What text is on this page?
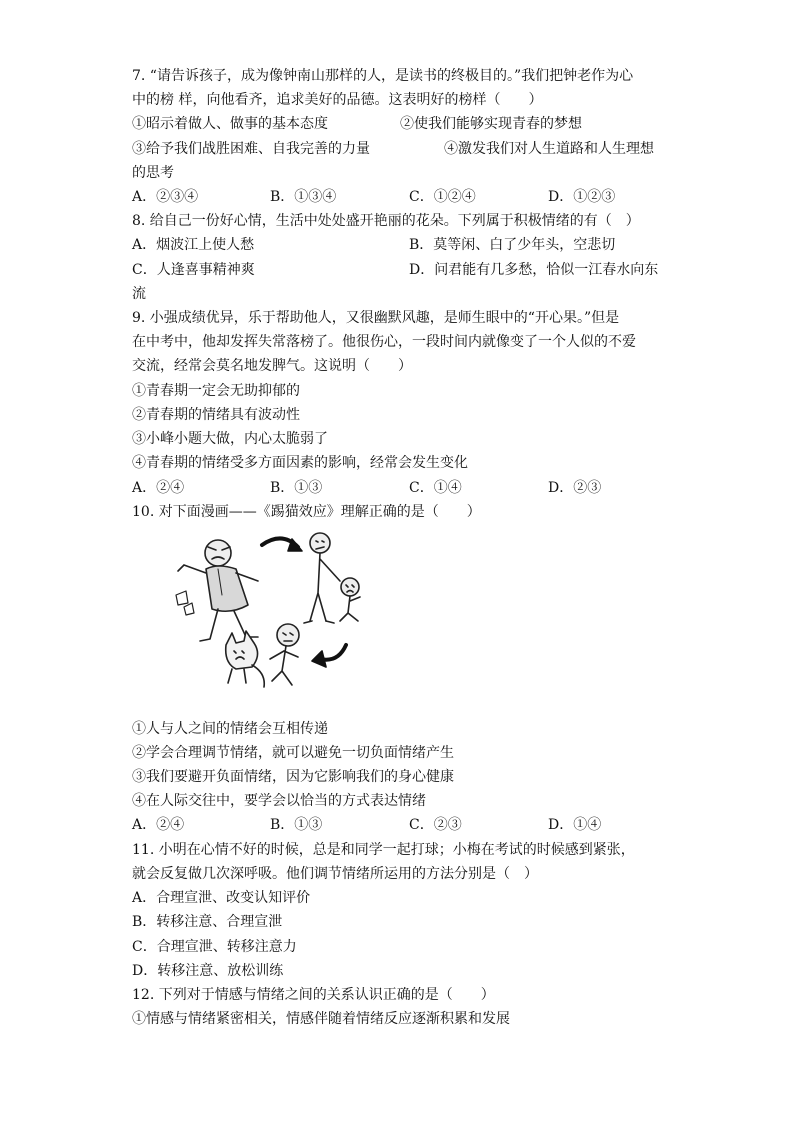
7. “请告诉孩子，成为像钟南山那样的人，是读书的终极目的。”我们把钟老作为心
中的榜 样，向他看齐，追求美好的品德。这表明好的榜样（　　）
①昭示着做人、做事的基本态度	②使我们能够实现青春的梦想
③给予我们战胜困难、自我完善的力量	④激发我们对人生道路和人生理想
的思考
A．②③④	B．①③④	C．①②④	D．①②③
8. 给自己一份好心情，生活中处处盛开艳丽的花朵。下列属于积极情绪的有（　）
A．烟波江上使人愁	B．莫等闲、白了少年头，空悲切
C．人逢喜事精神爽	D．问君能有几多愁，恰似一江春水向东
流
9. 小强成绩优异，乐于帮助他人，又很幽默风趣，是师生眼中的“开心果。”但是
在中考中，他却发挥失常落榜了。他很伤心，一段时间内就像变了一个人似的不爱
交流，经常会莫名地发脾气。这说明（　　）
①青春期一定会无助抑郁的
②青春期的情绪具有波动性
③小峰小题大做，内心太脆弱了
④青春期的情绪受多方面因素的影响，经常会发生变化
A．②④	B．①③	C．①④	D．②③
10. 对下面漫画——《踢猫效应》理解正确的是（　　）
①人与人之间的情绪会互相传递
②学会合理调节情绪，就可以避免一切负面情绪产生
③我们要避开负面情绪，因为它影响我们的身心健康
④在人际交往中，要学会以恰当的方式表达情绪
A．②④	B．①③	C．②③	D．①④
11. 小明在心情不好的时候，总是和同学一起打球；小梅在考试的时候感到紧张，
就会反复做几次深呼吸。他们调节情绪所运用的方法分别是（　）
A．合理宣泄、改变认知评价
B．转移注意、合理宣泄
C．合理宣泄、转移注意力
D．转移注意、放松训练
12. 下列对于情感与情绪之间的关系认识正确的是（　　）
①情感与情绪紧密相关，情感伴随着情绪反应逐渐积累和发展
